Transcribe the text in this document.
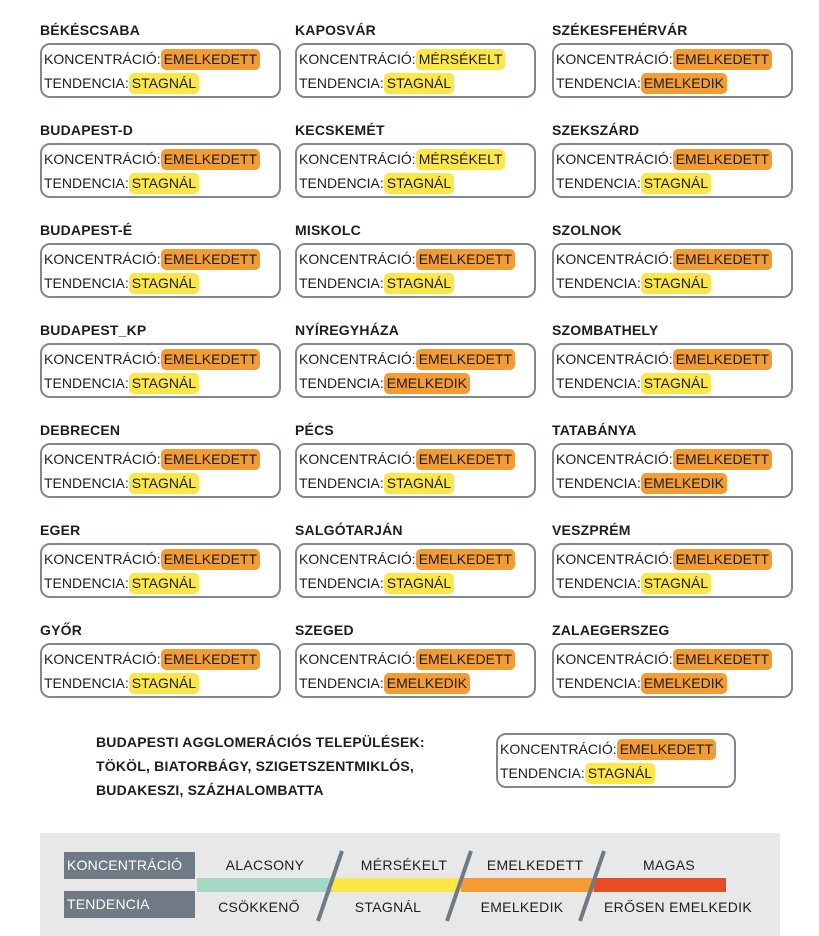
BÉKÉSCSABA
KONCENTRÁCIÓ: EMELKEDETT
TENDENCIA: STAGNÁL
KAPOSVÁR
KONCENTRÁCIÓ: MÉRSÉKELT
TENDENCIA: STAGNÁL
SZÉKESFEHÉRVÁR
KONCENTRÁCIÓ: EMELKEDETT
TENDENCIA: EMELKEDIK
BUDAPEST-D
KONCENTRÁCIÓ: EMELKEDETT
TENDENCIA: STAGNÁL
KECSKEMÉT
KONCENTRÁCIÓ: MÉRSÉKELT
TENDENCIA: STAGNÁL
SZEKSZÁRD
KONCENTRÁCIÓ: EMELKEDETT
TENDENCIA: STAGNÁL
BUDAPEST-É
KONCENTRÁCIÓ: EMELKEDETT
TENDENCIA: STAGNÁL
MISKOLC
KONCENTRÁCIÓ: EMELKEDETT
TENDENCIA: STAGNÁL
SZOLNOK
KONCENTRÁCIÓ: EMELKEDETT
TENDENCIA: STAGNÁL
BUDAPEST_KP
KONCENTRÁCIÓ: EMELKEDETT
TENDENCIA: STAGNÁL
NYÍREGYHÁZA
KONCENTRÁCIÓ: EMELKEDETT
TENDENCIA: EMELKEDIK
SZOMBATHELY
KONCENTRÁCIÓ: EMELKEDETT
TENDENCIA: STAGNÁL
DEBRECEN
KONCENTRÁCIÓ: EMELKEDETT
TENDENCIA: STAGNÁL
PÉCS
KONCENTRÁCIÓ: EMELKEDETT
TENDENCIA: STAGNÁL
TATABÁNYA
KONCENTRÁCIÓ: EMELKEDETT
TENDENCIA: EMELKEDIK
EGER
KONCENTRÁCIÓ: EMELKEDETT
TENDENCIA: STAGNÁL
SALGÓTARJÁN
KONCENTRÁCIÓ: EMELKEDETT
TENDENCIA: STAGNÁL
VESZPRÉM
KONCENTRÁCIÓ: EMELKEDETT
TENDENCIA: STAGNÁL
GYŐR
KONCENTRÁCIÓ: EMELKEDETT
TENDENCIA: STAGNÁL
SZEGED
KONCENTRÁCIÓ: EMELKEDETT
TENDENCIA: EMELKEDIK
ZALAEGERSZEG
KONCENTRÁCIÓ: EMELKEDETT
TENDENCIA: EMELKEDIK
BUDAPESTI AGGLOMERÁCIÓS TELEPÜLÉSEK:
TÖKÖL, BIATORBÁGY, SZIGETSZENTMIKLÓS,
BUDAKESZI, SZÁZHALOMBATTA
KONCENTRÁCIÓ: EMELKEDETT
TENDENCIA: STAGNÁL
KONCENTRÁCIÓ
TENDENCIA
ALACSONY	MÉRSÉKELT	EMELKEDETT	MAGAS
CSÖKKENŐ	STAGNÁL	EMELKEDIK	ERŐSEN EMELKEDIK
